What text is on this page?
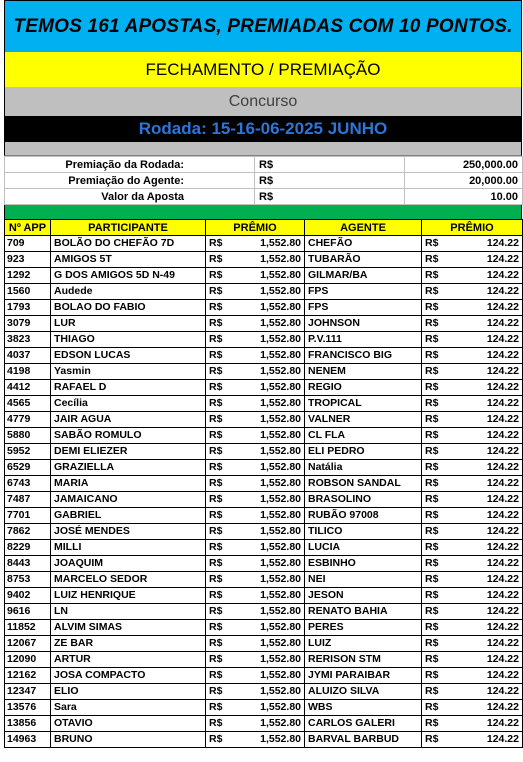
TEMOS 161 APOSTAS, PREMIADAS COM 10 PONTOS.
FECHAMENTO / PREMIAÇÃO
Concurso
Rodada: 15-16-06-2025 JUNHO
Premiação da Rodada:	R$	250,000.00
Premiação do Agente:	R$	20,000.00
Valor da Aposta	R$	10.00
Nº APP	PARTICIPANTE	PRÊMIO		AGENTE	PRÊMIO	
709	BOLÃO DO CHEFÃO 7D	R$	1,552.80	CHEFÃO	R$	124.22
923	AMIGOS 5T	R$	1,552.80	TUBARÃO	R$	124.22
1292	G DOS AMIGOS 5D N-49	R$	1,552.80	GILMAR/BA	R$	124.22
1560	Audede	R$	1,552.80	FPS	R$	124.22
1793	BOLAO DO FABIO	R$	1,552.80	FPS	R$	124.22
3079	LUR	R$	1,552.80	JOHNSON	R$	124.22
3823	THIAGO	R$	1,552.80	P.V.111	R$	124.22
4037	EDSON LUCAS	R$	1,552.80	FRANCISCO BIG	R$	124.22
4198	Yasmin	R$	1,552.80	NENEM	R$	124.22
4412	RAFAEL D	R$	1,552.80	REGIO	R$	124.22
4565	Cecília	R$	1,552.80	TROPICAL	R$	124.22
4779	JAIR AGUA	R$	1,552.80	VALNER	R$	124.22
5880	SABÃO ROMULO	R$	1,552.80	CL FLA	R$	124.22
5952	DEMI ELIEZER	R$	1,552.80	ELI PEDRO	R$	124.22
6529	GRAZIELLA	R$	1,552.80	Natália	R$	124.22
6743	MARIA	R$	1,552.80	ROBSON SANDAL	R$	124.22
7487	JAMAICANO	R$	1,552.80	BRASOLINO	R$	124.22
7701	GABRIEL	R$	1,552.80	RUBÃO 97008	R$	124.22
7862	JOSÉ MENDES	R$	1,552.80	TILICO	R$	124.22
8229	MILLI	R$	1,552.80	LUCIA	R$	124.22
8443	JOAQUIM	R$	1,552.80	ESBINHO	R$	124.22
8753	MARCELO SEDOR	R$	1,552.80	NEI	R$	124.22
9402	LUIZ HENRIQUE	R$	1,552.80	JESON	R$	124.22
9616	LN	R$	1,552.80	RENATO BAHIA	R$	124.22
11852	ALVIM SIMAS	R$	1,552.80	PERES	R$	124.22
12067	ZE BAR	R$	1,552.80	LUIZ	R$	124.22
12090	ARTUR	R$	1,552.80	RERISON STM	R$	124.22
12162	JOSA COMPACTO	R$	1,552.80	JYMI PARAIBAR	R$	124.22
12347	ELIO	R$	1,552.80	ALUIZO SILVA	R$	124.22
13576	Sara	R$	1,552.80	WBS	R$	124.22
13856	OTAVIO	R$	1,552.80	CARLOS GALERI	R$	124.22
14963	BRUNO	R$	1,552.80	BARVAL BARBUD	R$	124.22
